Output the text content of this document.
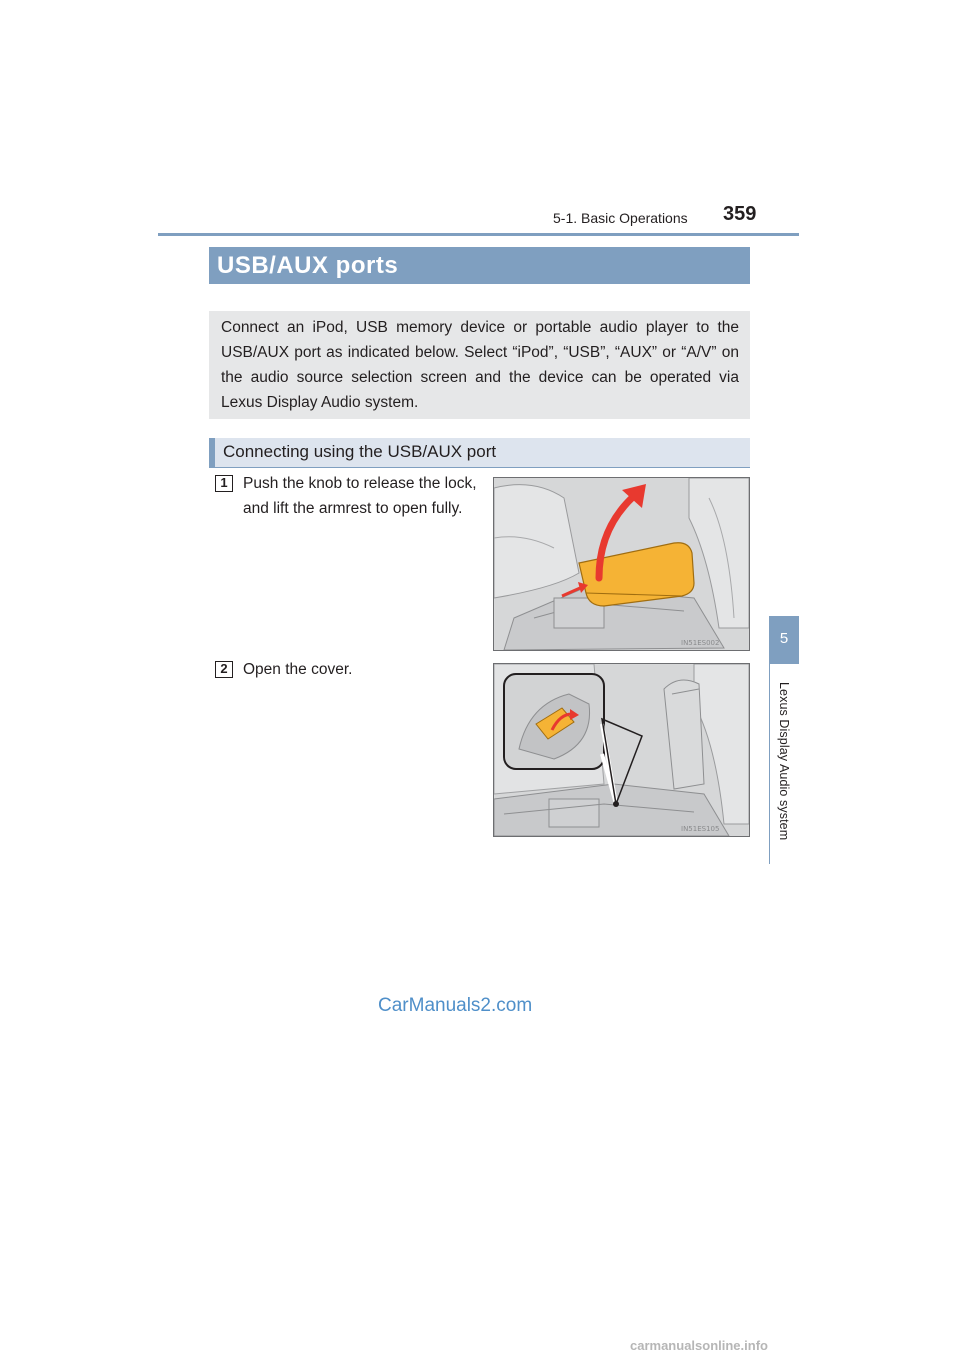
5-1. Basic Operations 359
5
Lexus Display Audio system
USB/AUX ports
Connect an iPod, USB memory device or portable audio player to the USB/AUX port as indicated below. Select “iPod”, “USB”, “AUX” or “A/V” on the audio source selection screen and the device can be operated via Lexus Display Audio system.
Connecting using the USB/AUX port
1 Push the knob to release the lock, and lift the armrest to open fully.
IN51ES002
2 Open the cover.
IN51ES105
CarManuals2.com
carmanualsonline.info
